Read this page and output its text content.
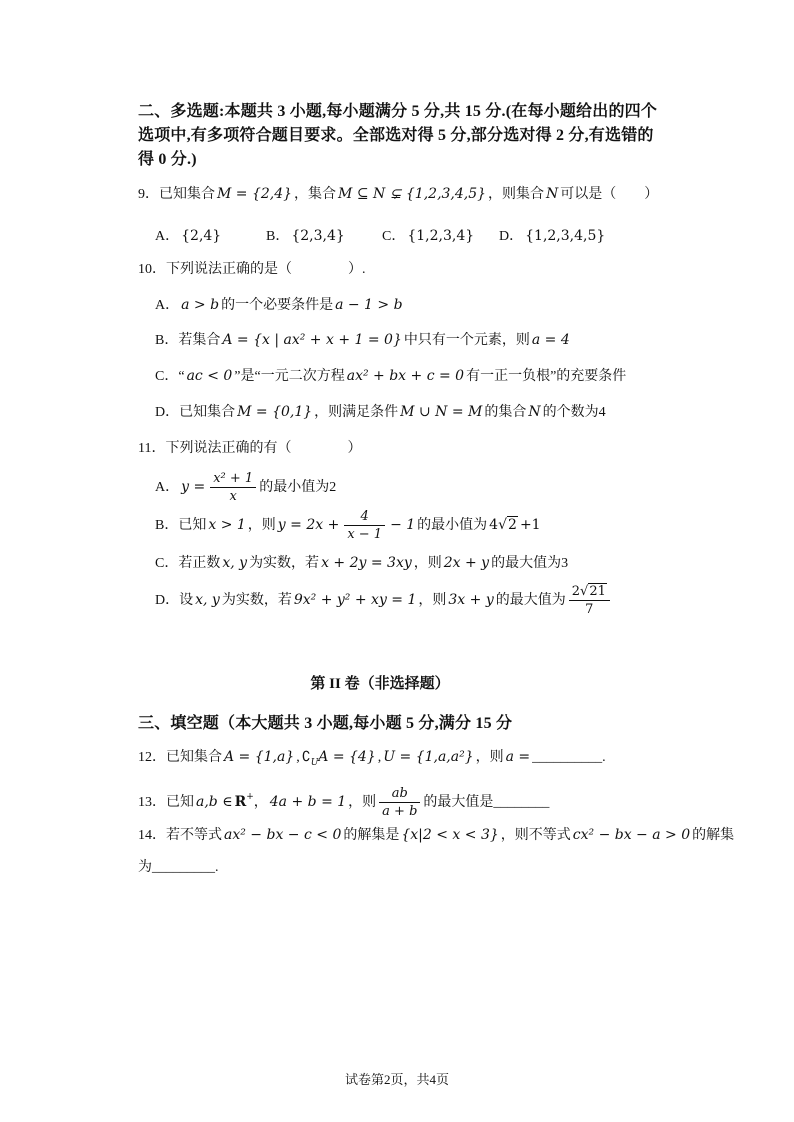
二、多选题:本题共 3 小题,每小题满分 5 分,共 15 分.(在每小题给出的四个
选项中,有多项符合题目要求。全部选对得 5 分,部分选对得 2 分,有选错的
得 0 分.)
9．已知集合 M = {2,4} ，集合 M ⊆ N ⊊ {1,2,3,4,5} ，则集合 N 可以是（　　）
A． {2,4}	B． {2,3,4}	C． {1,2,3,4} D． {1,2,3,4,5}
10．下列说法正确的是（　　　　）.
A． a > b 的一个必要条件是 a − 1 > b
B．若集合 A = {x | ax² + x + 1 = 0} 中只有一个元素，则 a = 4
C．“ ac < 0 ”是“一元二次方程 ax² + bx + c = 0 有一正一负根”的充要条件
D．已知集合 M = {0,1} ，则满足条件 M ∪ N = M 的集合 N 的个数为4
11．下列说法正确的有（　　　　）
A． $y = \frac{\text{x² + 1}}{x}$ 的最小值为2
B．已知 x > 1 ，则 $y = 2x + \frac{4}{x - 1} - 1$ 的最小值为 4√2 +1
C．若正数 x, y 为实数，若 x + 2y = 3xy ，则 2x + y 的最大值为3
D．设 x, y 为实数，若 9x² + y² + xy = 1 ，则 3x + y 的最大值为 $\frac{2√21}{7}$
第 II 卷（非选择题）
三、填空题（本大题共 3 小题,每小题 5 分,满分 15 分
12．已知集合 A = {1,a} , $∁_UA = \{4\}$ , U = {1,a,a²} ，则 a = __________.
13．已知 a,b ∈ R+， 4a + b = 1 ，则 $\frac{ab}{a + b}$ 的最大值是________
14．若不等式 ax² − bx − c < 0 的解集是 {x|2 < x < 3} ，则不等式 cx² − bx − a > 0 的解集
为_________.
试卷第2页，共4页
